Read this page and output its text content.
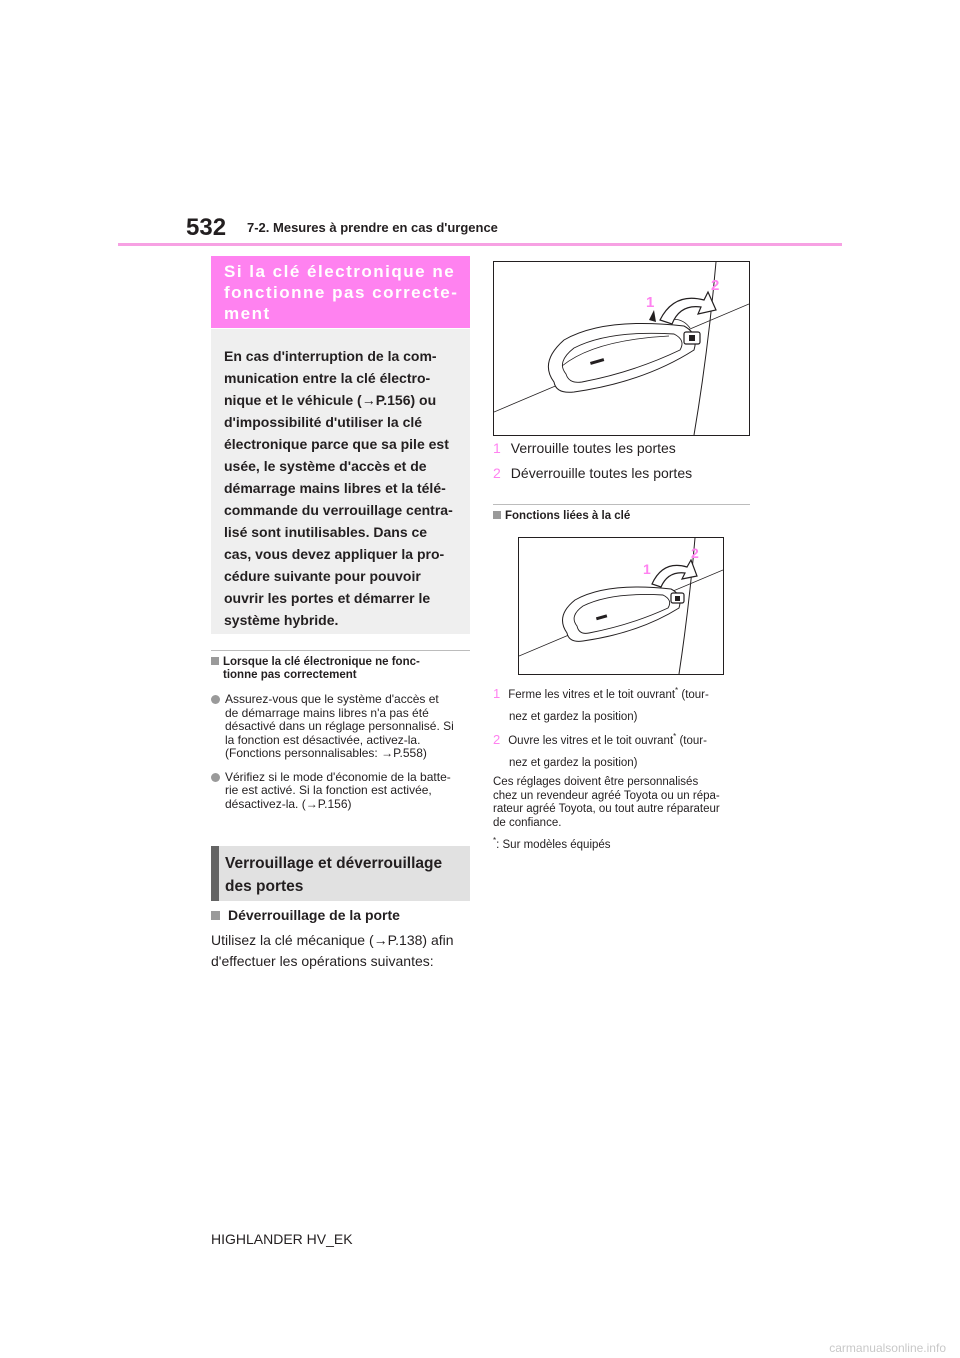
532 7-2. Mesures à prendre en cas d'urgence
Si la clé électronique ne
fonctionne pas correcte-
ment

En cas d'interruption de la com-

munication entre la clé électro-

nique et le véhicule (→P.156) ou

d'impossibilité d'utiliser la clé

électronique parce que sa pile est

usée, le système d'accès et de

démarrage mains libres et la télé-

commande du verrouillage centra-

lisé sont inutilisables. Dans ce

cas, vous devez appliquer la pro-

cédure suivante pour pouvoir

ouvrir les portes et démarrer le

système hybride.

Lorsque la clé électronique ne fonc-
tionne pas correctement
Assurez-vous que le système d'accès et
de démarrage mains libres n'a pas été
désactivé dans un réglage personnalisé. Si
la fonction est désactivée, activez-la.
(Fonctions personnalisables: →P.558)
Vérifiez si le mode d'économie de la batte-
rie est activé. Si la fonction est activée,
désactivez-la. (→P.156)
Verrouillage et déverrouillage
des portes
Déverrouillage de la porte
Utilisez la clé mécanique (→P.138) afin
d'effectuer les opérations suivantes:
1
2
1 Verrouille toutes les portes
2 Déverrouille toutes les portes
Fonctions liées à la clé
1
2
1 Ferme les vitres et le toit ouvrant* (tour-
nez et gardez la position)
2 Ouvre les vitres et le toit ouvrant* (tour-
nez et gardez la position)
Ces réglages doivent être personnalisés
chez un revendeur agréé Toyota ou un répa-
rateur agréé Toyota, ou tout autre réparateur
de confiance.
*: Sur modèles équipés
HIGHLANDER HV_EK
carmanualsonline.info
